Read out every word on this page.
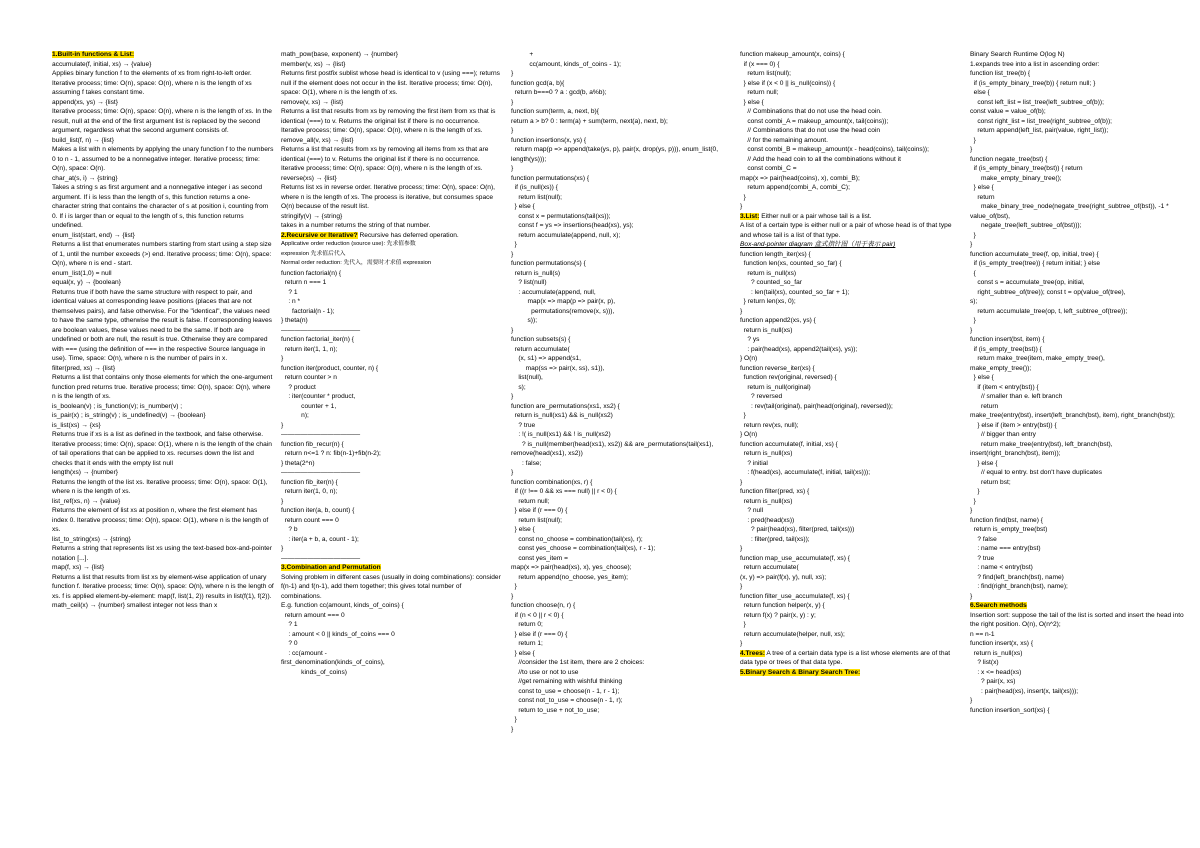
1.Built-in functions & List:

accumulate(f, initial, xs) → {value}

Applies binary function f to the elements of xs from right-to-left order. Iterative process; time: O(n), space: O(n), where n is the length of xs assuming f takes constant time.

append(xs, ys) → {list}

Iterative process; time: O(n), space: O(n), where n is the length of xs. In the result, null at the end of the first argument list is replaced by the second argument, regardless what the second argument consists of.

build_list(f, n) → {list}

Makes a list with n elements by applying the unary function f to the numbers 0 to n - 1, assumed to be a nonnegative integer. Iterative process; time: O(n), space: O(n).

char_at(s, i) → {string}

Takes a string s as first argument and a nonnegative integer i as second argument. If i is less than the length of s, this function returns a one-character string that contains the character of s at position i, counting from 0. If i is larger than or equal to the length of s, this function returns undefined.

enum_list(start, end) → {list}

Returns a list that enumerates numbers starting from start using a step size of 1, until the number exceeds (>) end. Iterative process; time: O(n), space: O(n), where n is end - start.

enum_list(1,0) = null

equal(x, y) → {boolean}

Returns true if both have the same structure with respect to pair, and identical values at corresponding leave positions (places that are not themselves pairs), and false otherwise. For the "identical", the values need to have the same type, otherwise the result is false. If corresponding leaves are boolean values, these values need to be the same. If both are undefined or both are null, the result is true. Otherwise they are compared with === (using the definition of === in the respective Source language in use). Time, space: O(n), where n is the number of pairs in x.

filter(pred, xs) → {list}

Returns a list that contains only those elements for which the one-argument function pred returns true. Iterative process; time: O(n), space: O(n), where n is the length of xs.

is_boolean(v) ; is_function(v); is_number(v) ;

is_pair(x) ; is_string(v) ; is_undefined(v) → {boolean}

is_list(xs) → {xs}

Returns true if xs is a list as defined in the textbook, and false otherwise. Iterative process; time: O(n), space: O(1), where n is the length of the chain of tail operations that can be applied to xs. recurses down the list and checks that it ends with the empty list null

length(xs) → {number}

Returns the length of the list xs. Iterative process; time: O(n), space: O(1), where n is the length of xs.

list_ref(xs, n) → {value}

Returns the element of list xs at position n, where the first element has index 0. Iterative process; time: O(n), space: O(1), where n is the length of xs.

list_to_string(xs) → {string}

Returns a string that represents list xs using the text-based box-and-pointer notation [...].

map(f, xs) → {list}

Returns a list that results from list xs by element-wise application of unary function f. Iterative process; time: O(n), space: O(n), where n is the length of xs. f is applied element-by-element: map(f, list(1, 2)) results in list(f(1), f(2)).

math_ceil(x) → {number} smallest integer not less than x

math_pow(base, exponent) → {number}

member(v, xs) → {list}

Returns first postfix sublist whose head is identical to v (using ===); returns null if the element does not occur in the list. Iterative process; time: O(n), space: O(1), where n is the length of xs.

remove(v, xs) → {list}

Returns a list that results from xs by removing the first item from xs that is identical (===) to v. Returns the original list if there is no occurrence. Iterative process; time: O(n), space: O(n), where n is the length of xs.

remove_all(v, xs) → {list}

Returns a list that results from xs by removing all items from xs that are identical (===) to v. Returns the original list if there is no occurrence. Iterative process; time: O(n), space: O(n), where n is the length of xs.

reverse(xs) → {list}

Returns list xs in reverse order. Iterative process; time: O(n), space: O(n), where n is the length of xs. The process is iterative, but consumes space O(n) because of the result list.

stringify(v) → {string}

takes in a number returns the string of that number.

2.Recursive or Iterative? Recursive has deferred operation.

Applicative order reduction (source use): 先求值参数

expression 先求值后代入

Normal order reduction: 先代入，需要时才求值 expression

function factorial(n) {

return n === 1

? 1

: n *

factorial(n - 1);

} theta(n)

————————————

function factorial_iter(n) {

return iter(1, 1, n);

}

function iter(product, counter, n) {

return counter > n

? product

: iter(counter * product,

counter + 1,

n);

}

————————————

function fib_recur(n) {

return n<=1 ? n: fib(n-1)+fib(n-2);

} theta(2^n)

————————————

function fib_iter(n) {

return iter(1, 0, n);

}

function iter(a, b, count) {

return count === 0

? b

: iter(a + b, a, count - 1);

}

————————————

3.Combination and Permutation

Solving problem in different cases (usually in doing combinations): consider f(n-1) and f(n-1), add them together; this gives total number of combinations.

E.g. function cc(amount, kinds_of_coins) {

return amount === 0

? 1

: amount < 0 || kinds_of_coins === 0

? 0

: cc(amount -

first_denomination(kinds_of_coins),

kinds_of_coins)

+

cc(amount, kinds_of_coins - 1);

}

function gcd(a, b){

return b===0 ? a : gcd(b, a%b);

}

function sum(term, a, next, b){

return a > b? 0 : term(a) + sum(term, next(a), next, b);

}

function insertions(x, ys) {

return map(p => append(take(ys, p), pair(x, drop(ys, p))), enum_list(0, length(ys)));

}

function permutations(xs) {

if (is_null(xs)) {

return list(null);

} else {

const x = permutations(tail(xs));

const f = ys => insertions(head(xs), ys);

return accumulate(append, null, x);

}

}

function permutations(s) {

return is_null(s)

? list(null)

: accumulate(append, null,

map(x => map(p => pair(x, p),

permutations(remove(x, s))),

s));

}

function subsets(s) {

return accumulate(

(x, s1) => append(s1,

map(ss => pair(x, ss), s1)),

list(null),

s);

}

function are_permutations(xs1, xs2) {

return is_null(xs1) && is_null(xs2)

? true

: !( is_null(xs1) && ! is_null(xs2)

? is_null(member(head(xs1), xs2)) && are_permutations(tail(xs1), remove(head(xs1), xs2))

: false;

}

function combination(xs, r) {

if ((r !== 0 && xs === null) || r < 0) {

return null;

} else if (r === 0) {

return list(null);

} else {

const no_choose = combination(tail(xs), r);

const yes_choose = combination(tail(xs), r - 1);

const yes_item =

map(x => pair(head(xs), x), yes_choose);

return append(no_choose, yes_item);

}

}

function choose(n, r) {

if (n < 0 || r < 0) {

return 0;

} else if (r === 0) {

return 1;

} else {

//consider the 1st item, there are 2 choices:

//to use or not to use

//get remaining with wishful thinking

const to_use = choose(n - 1, r - 1);

const not_to_use = choose(n - 1, r);

return to_use + not_to_use;

}

}

function makeup_amount(x, coins) {

if (x === 0) {

return list(null);

} else if (x < 0 || is_null(coins)) {

return null;

} else {

// Combinations that do not use the head coin.

const combi_A = makeup_amount(x, tail(coins));

// Combinations that do not use the head coin

// for the remaining amount.

const combi_B = makeup_amount(x - head(coins), tail(coins));

// Add the head coin to all the combinations without it

const combi_C =

map(x => pair(head(coins), x), combi_B);

return append(combi_A, combi_C);

}

}

3.List: Either null or a pair whose tail is a list.

A list of a certain type is either null or a pair of whose head is of that type and whose tail is a list of that type.

Box-and-pointer diagram 盒式指针图（用于表示 pair)

function length_iter(xs) {

function len(xs, counted_so_far) {

return is_null(xs)

? counted_so_far

: len(tail(xs), counted_so_far + 1);

} return len(xs, 0);

}

function append2(xs, ys) {

return is_null(xs)

? ys

: pair(head(xs), append2(tail(xs), ys));

} O(n)

function reverse_iter(xs) {

function rev(original, reversed) {

return is_null(original)

? reversed

: rev(tail(original), pair(head(original), reversed));

}

return rev(xs, null);

} O(n)

function accumulate(f, initial, xs) {

return is_null(xs)

? initial

: f(head(xs), accumulate(f, initial, tail(xs)));

}

function filter(pred, xs) {

return is_null(xs)

? null

: pred(head(xs))

? pair(head(xs), filter(pred, tail(xs)))

: filter(pred, tail(xs));

}

function map_use_accumulate(f, xs) {

return accumulate(

(x, y) => pair(f(x), y), null, xs);

}

function filter_use_accumulate(f, xs) {

return function helper(x, y) {

return f(x) ? pair(x, y) : y;

}

return accumulate(helper, null, xs);

}

4.Trees: A tree of a certain data type is a list whose elements are of that data type or trees of that data type.

5.Binary Search & Binary Search Tree:

Binary Search Runtime O(log N)

1.expands tree into a list in ascending order:

function list_tree(b) {

if (is_empty_binary_tree(b)) { return null; }

else {

const left_list = list_tree(left_subtree_of(b));

const value = value_of(b);

const right_list = list_tree(right_subtree_of(b));

return append(left_list, pair(value, right_list));

}

}

function negate_tree(bst) {

if (is_empty_binary_tree(bst)) { return

make_empty_binary_tree();

} else {

return

make_binary_tree_node(negate_tree(right_subtree_of(bst)), -1 * value_of(bst),

negate_tree(left_subtree_of(bst)));

}

}

function accumulate_tree(f, op, initial, tree) {

if (is_empty_tree(tree)) { return initial; } else

{

const s = accumulate_tree(op, initial,

right_subtree_of(tree)); const t = op(value_of(tree),

s);

return accumulate_tree(op, t, left_subtree_of(tree));

}

}

function insert(bst, item) {

if (is_empty_tree(bst)) {

return make_tree(item, make_empty_tree(),

make_empty_tree());

} else {

if (item < entry(bst)) {

// smaller than e. left branch

return

make_tree(entry(bst), insert(left_branch(bst), item), right_branch(bst));

} else if (item > entry(bst)) {

// bigger than entry

return make_tree(entry(bst), left_branch(bst),

insert(right_branch(bst), item));

} else {

// equal to entry. bst don't have duplicates

return bst;

}

}

}

function find(bst, name) {

return is_empty_tree(bst)

? false

: name === entry(bst)

? true

: name < entry(bst)

? find(left_branch(bst), name)

: find(right_branch(bst), name);

}

6.Search methods

Insertion sort: suppose the tail of the list is sorted and insert the head into the right position. O(n), O(n^2);

n == n-1

function insert(x, xs) {

return is_null(xs)

? list(x)

: x <= head(xs)

? pair(x, xs)

: pair(head(xs), insert(x, tail(xs)));

}

function insertion_sort(xs) {
